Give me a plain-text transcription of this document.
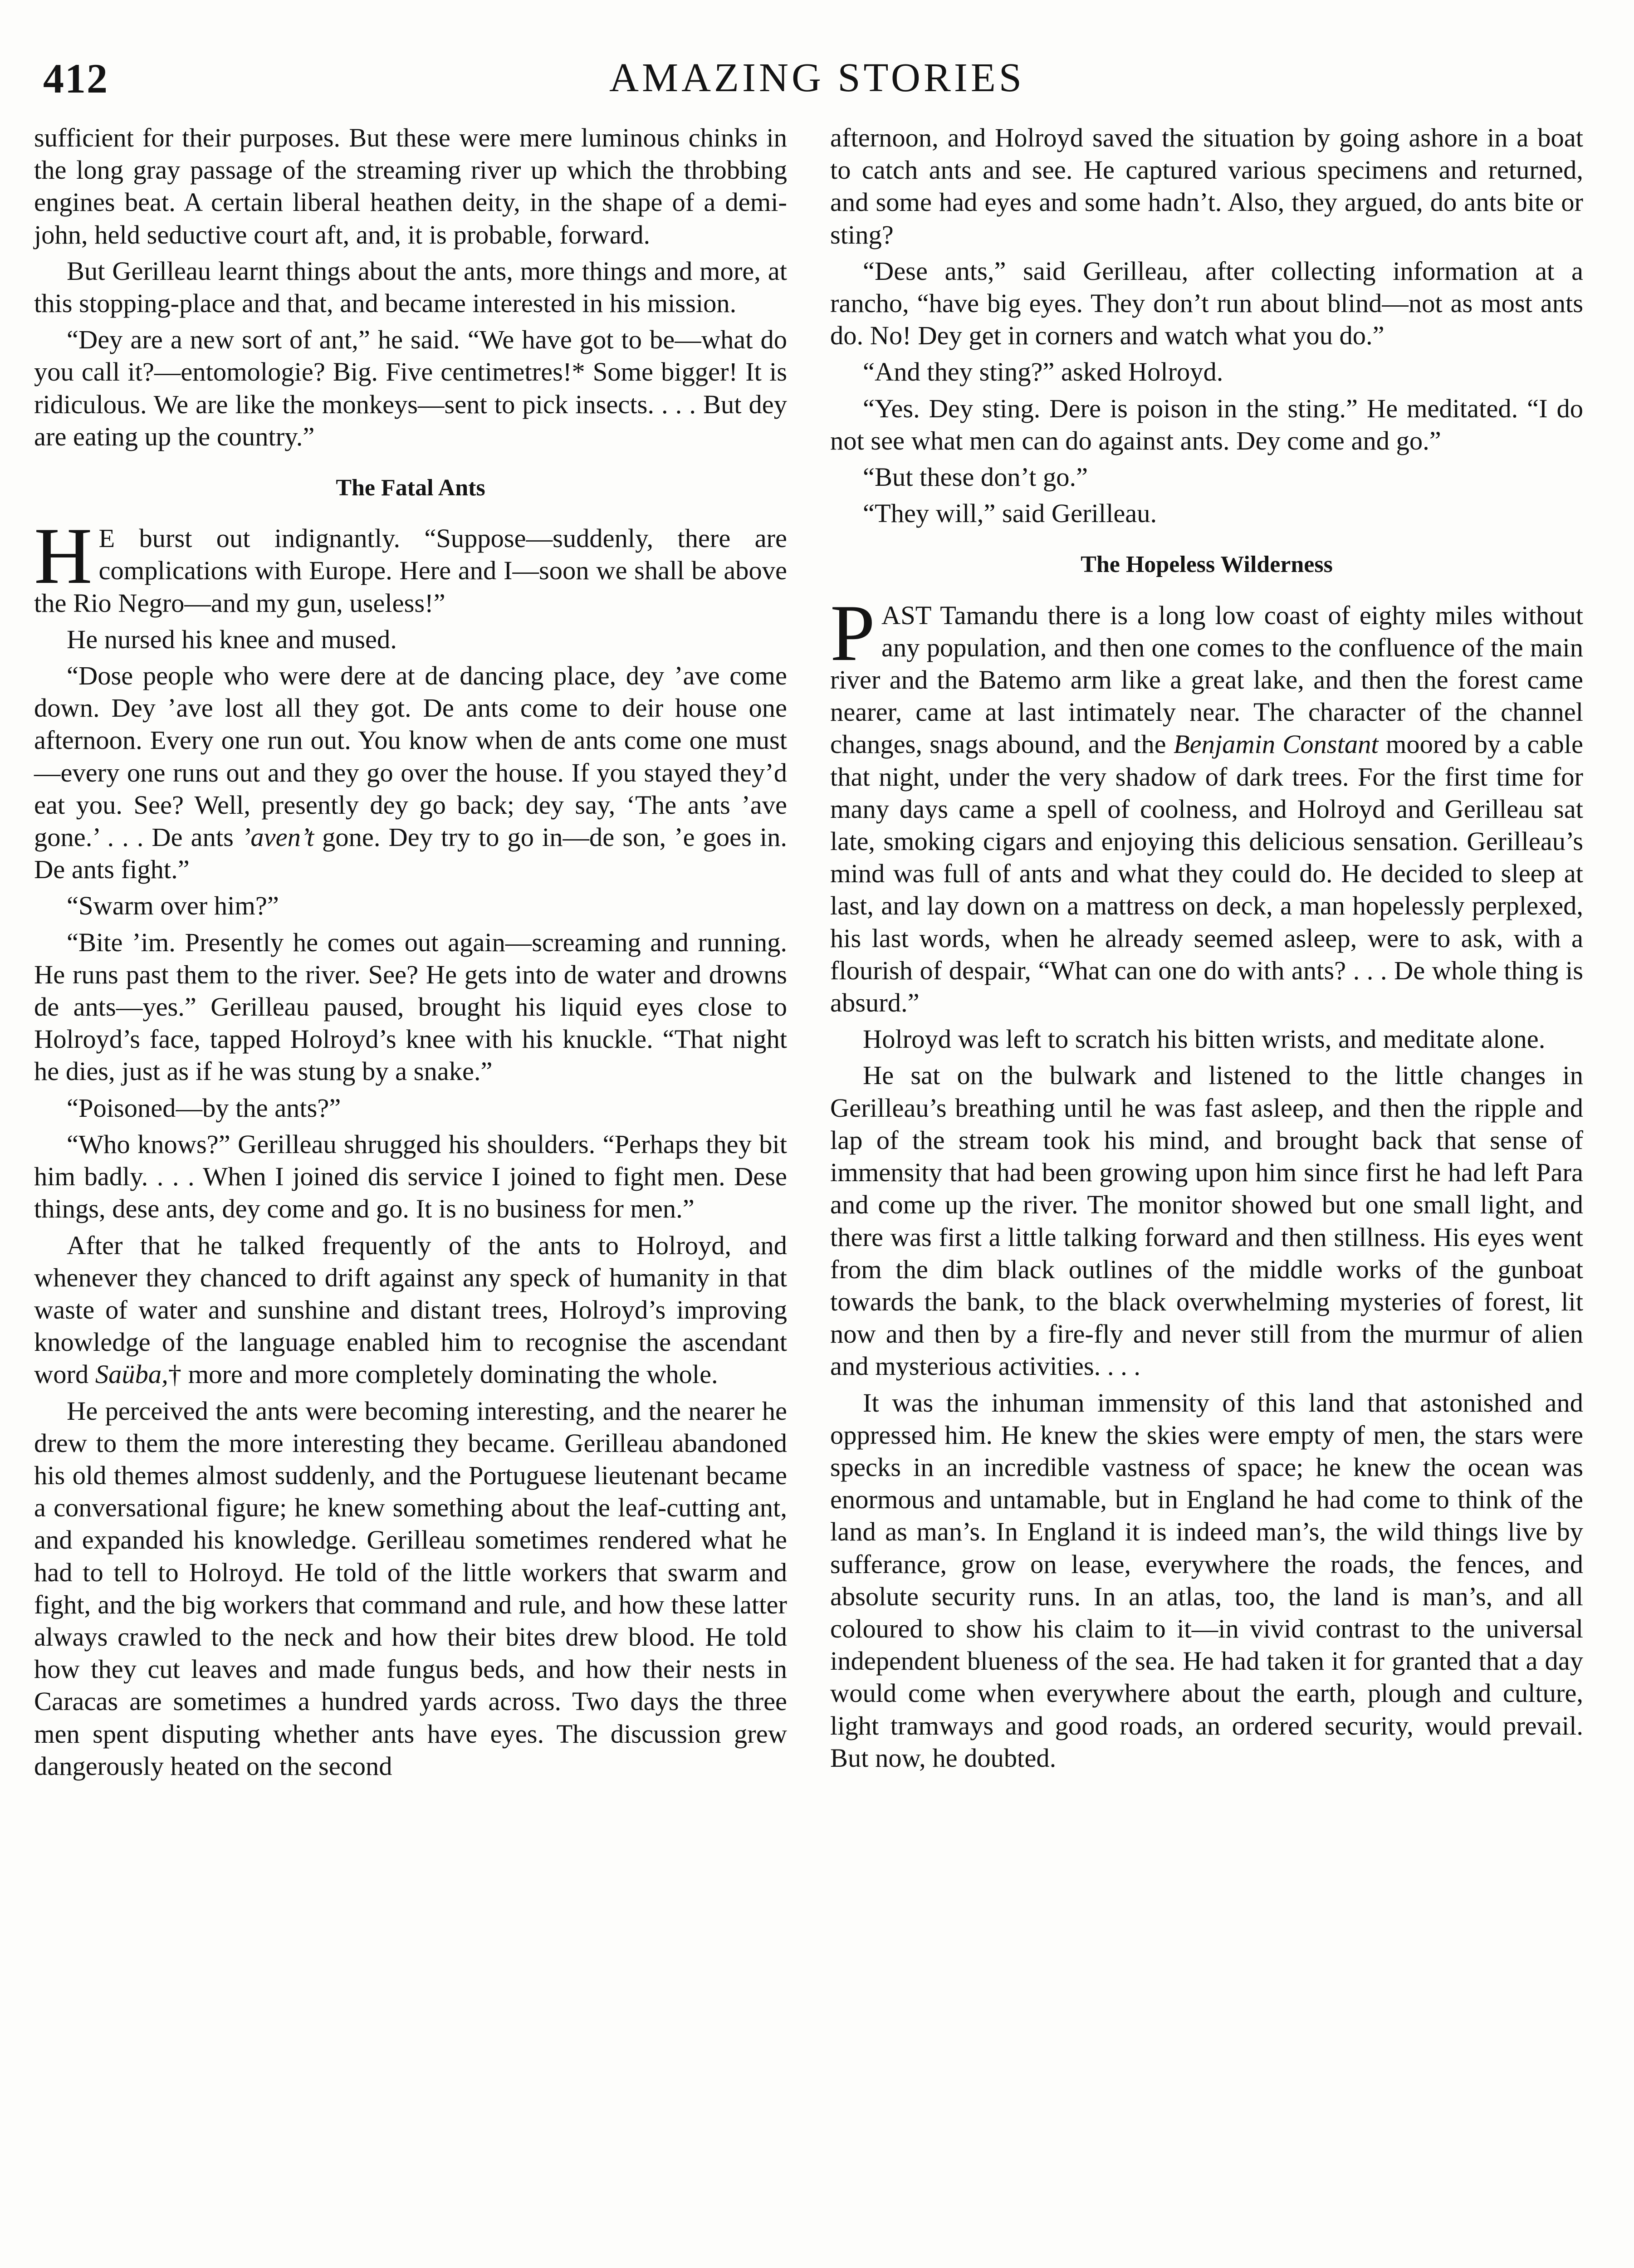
412	AMAZING STORIES

sufficient for their purposes. But these were mere luminous chinks in the long gray passage of the streaming river up which the throbbing engines beat. A certain liberal heathen deity, in the shape of a demi-john, held seductive court aft, and, it is probable, forward.

But Gerilleau learnt things about the ants, more things and more, at this stopping-place and that, and became interested in his mission.

“Dey are a new sort of ant,” he said. “We have got to be—what do you call it?—entomologie? Big. Five centimetres!* Some bigger! It is ridiculous. We are like the monkeys—sent to pick insects. . . . But dey are eating up the country.”

The Fatal Ants

H E burst out indignantly. “Suppose—suddenly, there are complications with Europe. Here and I—soon we shall be above the Rio Negro—and my gun, useless!”

He nursed his knee and mused.

“Dose people who were dere at de dancing place, dey ’ave come down. Dey ’ave lost all they got. De ants come to deir house one afternoon. Every one run out. You know when de ants come one must—every one runs out and they go over the house. If you stayed they’d eat you. See? Well, presently dey go back; dey say, ‘The ants ’ave gone.’ . . . De ants ’aven’t gone. Dey try to go in—de son, ’e goes in. De ants fight.”

“Swarm over him?”

“Bite ’im. Presently he comes out again—screaming and running. He runs past them to the river. See? He gets into de water and drowns de ants—yes.” Gerilleau paused, brought his liquid eyes close to Holroyd’s face, tapped Holroyd’s knee with his knuckle. “That night he dies, just as if he was stung by a snake.”

“Poisoned—by the ants?”

“Who knows?” Gerilleau shrugged his shoulders. “Perhaps they bit him badly. . . . When I joined dis service I joined to fight men. Dese things, dese ants, dey come and go. It is no business for men.”

After that he talked frequently of the ants to Holroyd, and whenever they chanced to drift against any speck of humanity in that waste of water and sunshine and distant trees, Holroyd’s improving knowledge of the language enabled him to recognise the ascendant word Saüba,† more and more completely dominating the whole.

He perceived the ants were becoming interesting, and the nearer he drew to them the more interesting they became. Gerilleau abandoned his old themes almost suddenly, and the Portuguese lieutenant became a conversational figure; he knew something about the leaf-cutting ant, and expanded his knowledge. Gerilleau sometimes rendered what he had to tell to Holroyd. He told of the little workers that swarm and fight, and the big workers that command and rule, and how these latter always crawled to the neck and how their bites drew blood. He told how they cut leaves and made fungus beds, and how their nests in Caracas are sometimes a hundred yards across. Two days the three men spent disputing whether ants have eyes. The discussion grew dangerously heated on the second

afternoon, and Holroyd saved the situation by going ashore in a boat to catch ants and see. He captured various specimens and returned, and some had eyes and some hadn’t. Also, they argued, do ants bite or sting?

“Dese ants,” said Gerilleau, after collecting information at a rancho, “have big eyes. They don’t run about blind—not as most ants do. No! Dey get in corners and watch what you do.”

“And they sting?” asked Holroyd.

“Yes. Dey sting. Dere is poison in the sting.” He meditated. “I do not see what men can do against ants. Dey come and go.”

“But these don’t go.”

“They will,” said Gerilleau.

The Hopeless Wilderness

PAST Tamandu there is a long low coast of eighty miles without any population, and then one comes to the confluence of the main river and the Batemo arm like a great lake, and then the forest came nearer, came at last intimately near. The character of the channel changes, snags abound, and the Benjamin Constant moored by a cable that night, under the very shadow of dark trees. For the first time for many days came a spell of coolness, and Holroyd and Gerilleau sat late, smoking cigars and enjoying this delicious sensation. Gerilleau’s mind was full of ants and what they could do. He decided to sleep at last, and lay down on a mattress on deck, a man hopelessly perplexed, his last words, when he already seemed asleep, were to ask, with a flourish of despair, “What can one do with ants? . . . De whole thing is absurd.”

Holroyd was left to scratch his bitten wrists, and meditate alone.

He sat on the bulwark and listened to the little changes in Gerilleau’s breathing until he was fast asleep, and then the ripple and lap of the stream took his mind, and brought back that sense of immensity that had been growing upon him since first he had left Para and come up the river. The monitor showed but one small light, and there was first a little talking forward and then stillness. His eyes went from the dim black outlines of the middle works of the gunboat towards the bank, to the black overwhelming mysteries of forest, lit now and then by a fire-fly and never still from the murmur of alien and mysterious activities. . . .

It was the inhuman immensity of this land that astonished and oppressed him. He knew the skies were empty of men, the stars were specks in an incredible vastness of space; he knew the ocean was enormous and untamable, but in England he had come to think of the land as man’s. In England it is indeed man’s, the wild things live by sufferance, grow on lease, everywhere the roads, the fences, and absolute security runs. In an atlas, too, the land is man’s, and all coloured to show his claim to it—in vivid contrast to the universal independent blueness of the sea. He had taken it for granted that a day would come when everywhere about the earth, plough and culture, light tramways and good roads, an ordered security, would prevail. But now, he doubted.
